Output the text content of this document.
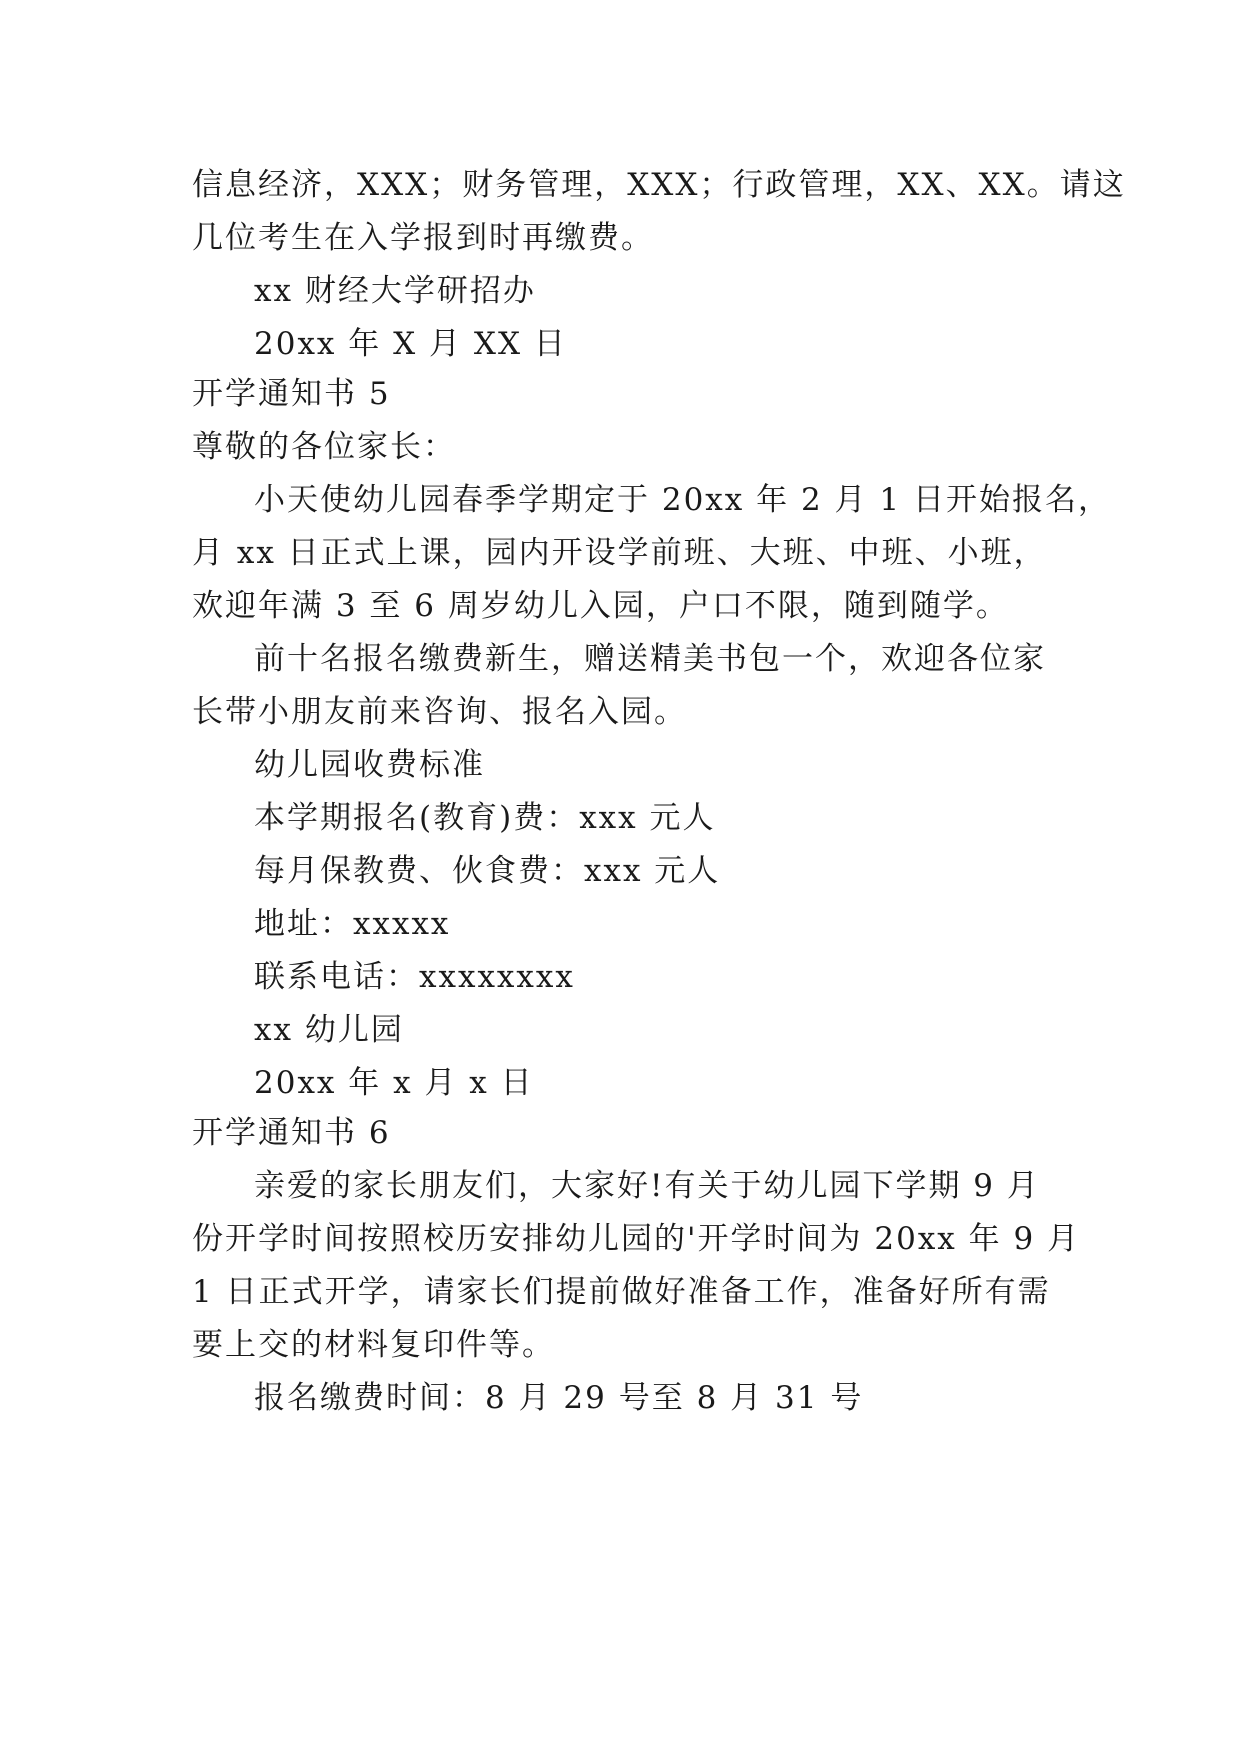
信息经济，XXX；财务管理，XXX；行政管理，XX、XX。请这
几位考生在入学报到时再缴费。
xx 财经大学研招办
20xx 年 X 月 XX 日
开学通知书 5
尊敬的各位家长：
小天使幼儿园春季学期定于 20xx 年 2 月 1 日开始报名，
月 xx 日正式上课，园内开设学前班、大班、中班、小班，
欢迎年满 3 至 6 周岁幼儿入园，户口不限，随到随学。
前十名报名缴费新生，赠送精美书包一个，欢迎各位家
长带小朋友前来咨询、报名入园。
幼儿园收费标准
本学期报名(教育)费：xxx 元人
每月保教费、伙食费：xxx 元人
地址：xxxxx
联系电话：xxxxxxxx
xx 幼儿园
20xx 年 x 月 x 日
开学通知书 6
亲爱的家长朋友们，大家好!有关于幼儿园下学期 9 月
份开学时间按照校历安排幼儿园的'开学时间为 20xx 年 9 月
1 日正式开学，请家长们提前做好准备工作，准备好所有需
要上交的材料复印件等。
报名缴费时间：8 月 29 号至 8 月 31 号
